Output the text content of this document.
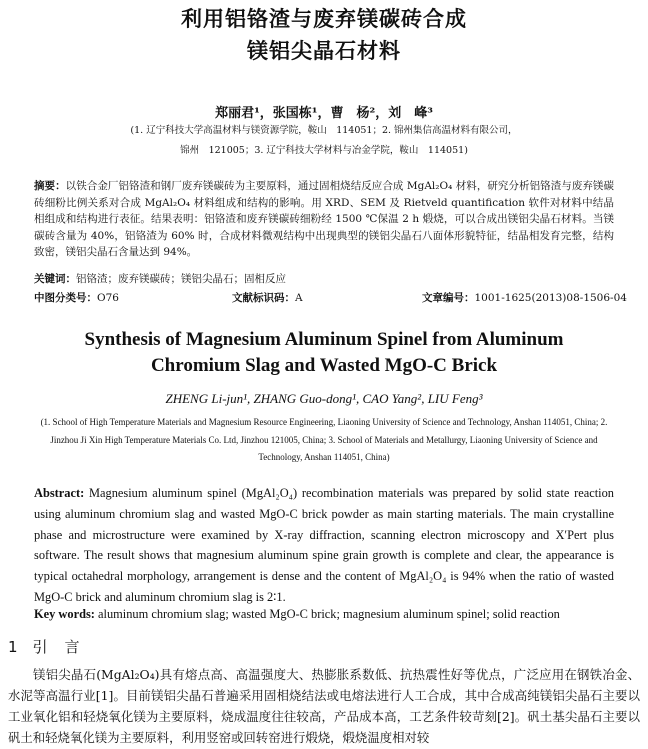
利用铝铬渣与废弃镁碳砖合成
镁铝尖晶石材料
郑丽君¹，张国栋¹，曹　杨²，刘　峰³
(1. 辽宁科技大学高温材料与镁资源学院，鞍山　114051；2. 锦州集信高温材料有限公司，
锦州　121005；3. 辽宁科技大学材料与冶金学院，鞍山　114051)
摘要：以铁合金厂铝铬渣和钢厂废弃镁碳砖为主要原料，通过固相烧结反应合成 MgAl₂O₄ 材料，研究分析铝铬渣与废弃镁碳砖细粉比例关系对合成 MgAl₂O₄ 材料组成和结构的影响。用 XRD、SEM 及 Rietveld quantification 软件对材料中结晶相组成和结构进行表征。结果表明：铝铬渣和废弃镁碳砖细粉经 1500 ℃保温 2 h 煅烧，可以合成出镁铝尖晶石材料。当镁碳砖含量为 40%，铝铬渣为 60% 时，合成材料微观结构中出现典型的镁铝尖晶石八面体形貌特征，结晶相发育完整，结构致密，镁铝尖晶石含量达到 94%。
关键词：铝铬渣；废弃镁碳砖；镁铝尖晶石；固相反应
中图分类号：O76	文献标识码：A	文章编号：1001-1625(2013)08-1506-04
Synthesis of Magnesium Aluminum Spinel from Aluminum
Chromium Slag and Wasted MgO-C Brick
ZHENG Li-jun¹, ZHANG Guo-dong¹, CAO Yang², LIU Feng³
(1. School of High Temperature Materials and Magnesium Resource Engineering, Liaoning University of Science and Technology, Anshan 114051, China; 2. Jinzhou Ji Xin High Temperature Materials Co. Ltd, Jinzhou 121005, China; 3. School of Materials and Metallurgy, Liaoning University of Science and Technology, Anshan 114051, China)
Abstract: Magnesium aluminum spinel (MgAl₂O₄) recombination materials was prepared by solid state reaction using aluminum chromium slag and wasted MgO-C brick powder as main starting materials. The main crystalline phase and microstructure were examined by X-ray diffraction, scanning electron microscopy and X′Pert plus software. The result shows that magnesium aluminum spine grain growth is complete and clear, the appearance is typical octahedral morphology, arrangement is dense and the content of MgAl₂O₄ is 94% when the ratio of wasted MgO-C brick and aluminum chromium slag is 2∶1.
Key words: aluminum chromium slag; wasted MgO-C brick; magnesium aluminum spinel; solid reaction
1 引　言

镁铝尖晶石(MgAl₂O₄)具有熔点高、高温强度大、热膨胀系数低、抗热震性好等优点，广泛应用在钢铁冶金、水泥等高温行业[1]。目前镁铝尖晶石普遍采用固相烧结法或电熔法进行人工合成，其中合成高纯镁铝尖晶石主要以工业氧化铝和轻烧氧化镁为主要原料，烧成温度往往较高，产品成本高，工艺条件较苛刻[2]。矾土基尖晶石主要以矾土和轻烧氧化镁为主要原料，利用竖窑或回转窑进行煅烧，煅烧温度相对较
